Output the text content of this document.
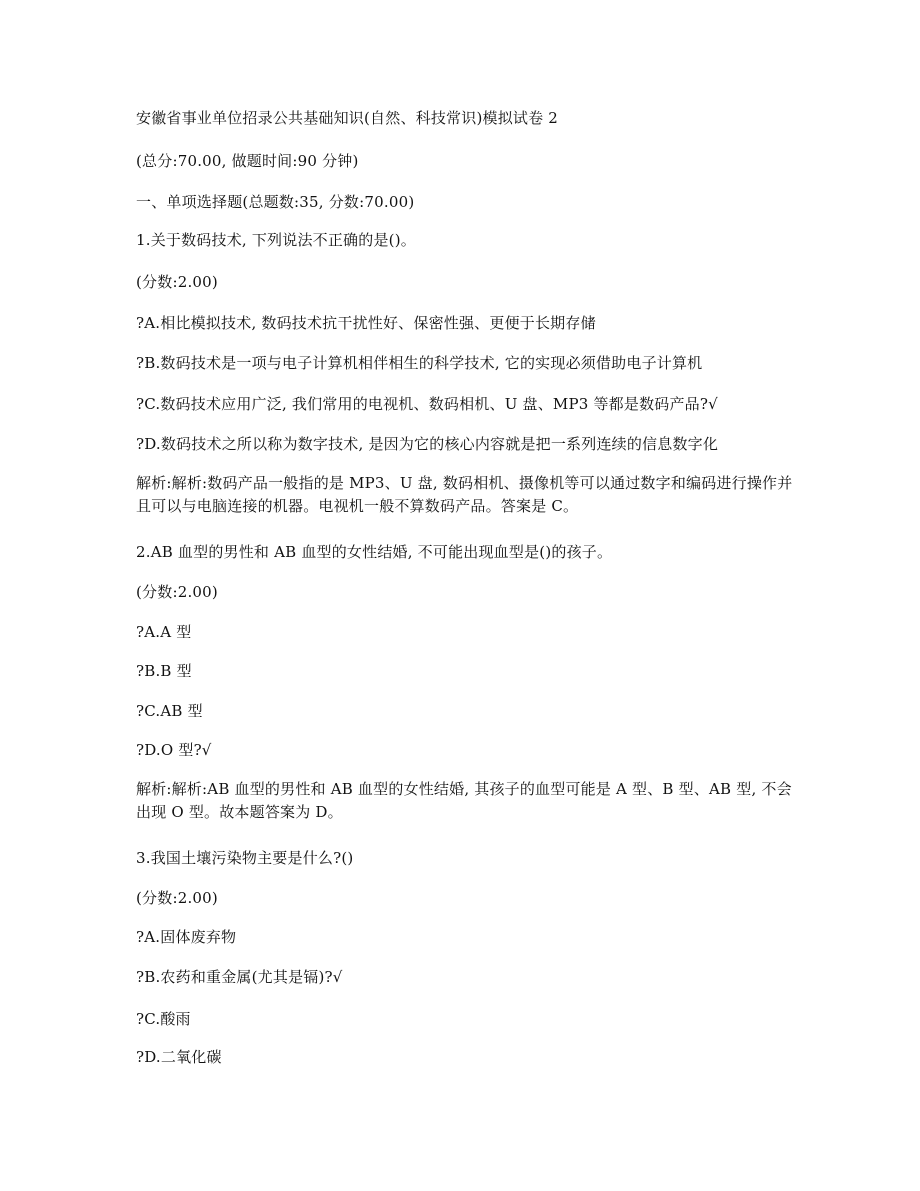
安徽省事业单位招录公共基础知识(自然、科技常识)模拟试卷 2
(总分:70.00, 做题时间:90 分钟)
一、单项选择题(总题数:35, 分数:70.00)
1.关于数码技术, 下列说法不正确的是()。
(分数:2.00)
?A.相比模拟技术, 数码技术抗干扰性好、保密性强、更便于长期存储
?B.数码技术是一项与电子计算机相伴相生的科学技术, 它的实现必须借助电子计算机
?C.数码技术应用广泛, 我们常用的电视机、数码相机、U 盘、MP3 等都是数码产品?√
?D.数码技术之所以称为数字技术, 是因为它的核心内容就是把一系列连续的信息数字化
解析:解析:数码产品一般指的是 MP3、U 盘, 数码相机、摄像机等可以通过数字和编码进行操作并且可以与电脑连接的机器。电视机一般不算数码产品。答案是 C。
2.AB 血型的男性和 AB 血型的女性结婚, 不可能出现血型是()的孩子。
(分数:2.00)
?A.A 型
?B.B 型
?C.AB 型
?D.O 型?√
解析:解析:AB 血型的男性和 AB 血型的女性结婚, 其孩子的血型可能是 A 型、B 型、AB 型, 不会出现 O 型。故本题答案为 D。
3.我国土壤污染物主要是什么?()
(分数:2.00)
?A.固体废弃物
?B.农药和重金属(尤其是镉)?√
?C.酸雨
?D.二氧化碳
